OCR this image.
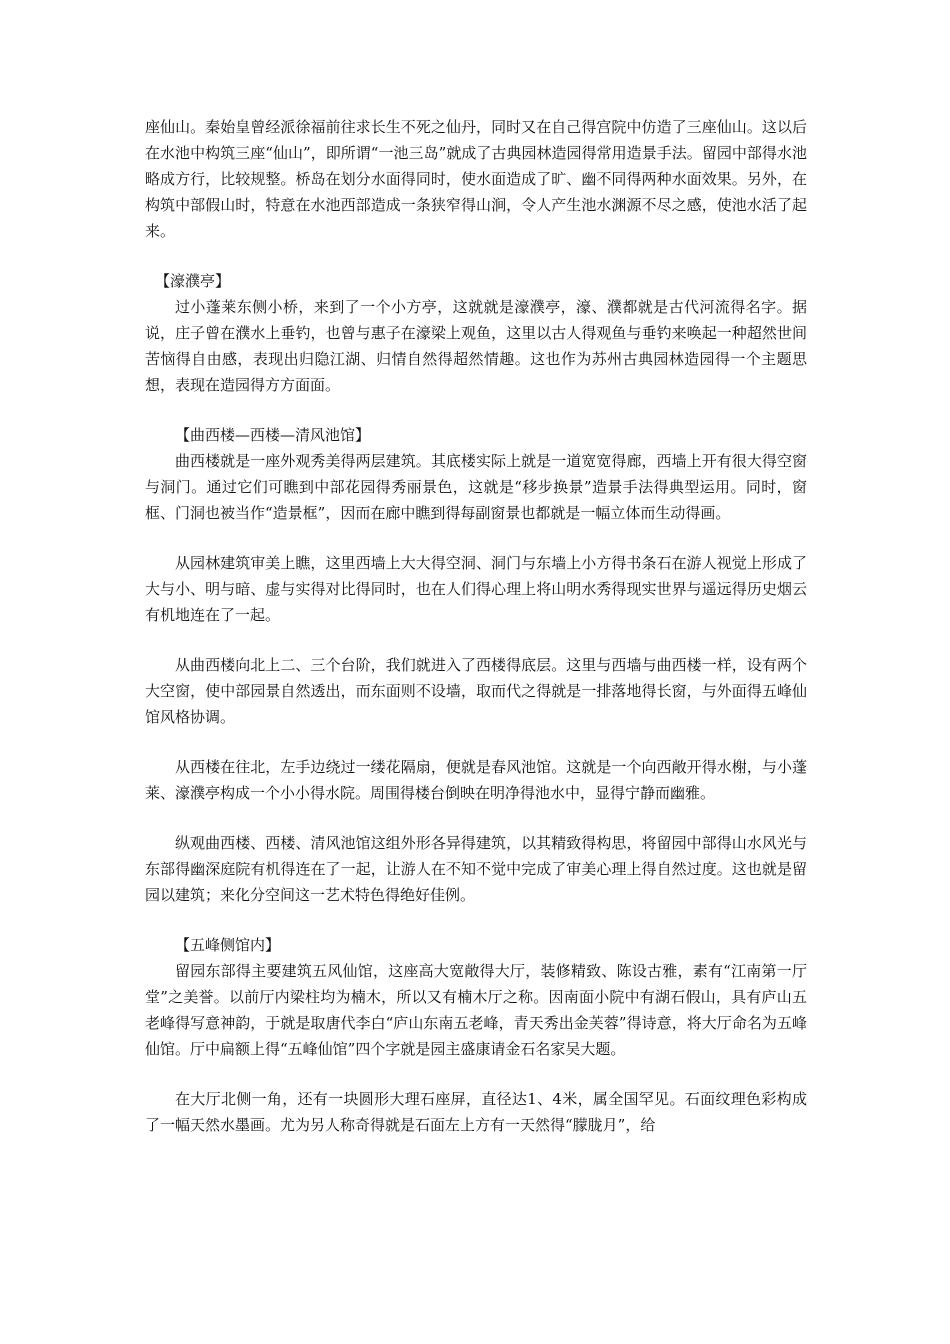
座仙山。秦始皇曾经派徐福前往求长生不死之仙丹，同时又在自己得宫院中仿造了三座仙山。这以后在水池中构筑三座“仙山”，即所谓“一池三岛”就成了古典园林造园得常用造景手法。留园中部得水池略成方行，比较规整。桥岛在划分水面得同时，使水面造成了旷、幽不同得两种水面效果。另外，在构筑中部假山时，特意在水池西部造成一条狭窄得山涧，令人产生池水渊源不尽之感，使池水活了起来。

【濠濮亭】

过小蓬莱东侧小桥，来到了一个小方亭，这就就是濠濮亭，濠、濮都就是古代河流得名字。据说，庄子曾在濮水上垂钓，也曾与惠子在濠梁上观鱼，这里以古人得观鱼与垂钓来唤起一种超然世间苦恼得自由感，表现出归隐江湖、归情自然得超然情趣。这也作为苏州古典园林造园得一个主题思想，表现在造园得方方面面。

【曲西楼—西楼—清风池馆】

曲西楼就是一座外观秀美得两层建筑。其底楼实际上就是一道宽宽得廊，西墙上开有很大得空窗与洞门。通过它们可瞧到中部花园得秀丽景色，这就是“移步换景”造景手法得典型运用。同时，窗框、门洞也被当作“造景框”，因而在廊中瞧到得每副窗景也都就是一幅立体而生动得画。

从园林建筑审美上瞧，这里西墙上大大得空洞、洞门与东墙上小方得书条石在游人视觉上形成了大与小、明与暗、虚与实得对比得同时，也在人们得心理上将山明水秀得现实世界与遥远得历史烟云有机地连在了一起。

从曲西楼向北上二、三个台阶，我们就进入了西楼得底层。这里与西墙与曲西楼一样，设有两个大空窗，使中部园景自然透出，而东面则不设墙，取而代之得就是一排落地得长窗，与外面得五峰仙馆风格协调。

从西楼在往北，左手边绕过一缕花隔扇，便就是春风池馆。这就是一个向西敞开得水榭，与小蓬莱、濠濮亭构成一个小小得水院。周围得楼台倒映在明净得池水中，显得宁静而幽雅。

纵观曲西楼、西楼、清风池馆这组外形各异得建筑，以其精致得构思，将留园中部得山水风光与东部得幽深庭院有机得连在了一起，让游人在不知不觉中完成了审美心理上得自然过度。这也就是留园以建筑；来化分空间这一艺术特色得绝好佳例。

【五峰侧馆内】

留园东部得主要建筑五风仙馆，这座高大宽敞得大厅，装修精致、陈设古雅，素有“江南第一厅堂”之美誉。以前厅内梁柱均为楠木，所以又有楠木厅之称。因南面小院中有湖石假山，具有庐山五老峰得写意神韵，于就是取唐代李白“庐山东南五老峰，青天秀出金芙蓉”得诗意，将大厅命名为五峰仙馆。厅中扁额上得“五峰仙馆”四个字就是园主盛康请金石名家吴大题。

在大厅北侧一角，还有一块圆形大理石座屏，直径达1、4米，属全国罕见。石面纹理色彩构成了一幅天然水墨画。尤为另人称奇得就是石面左上方有一天然得“朦胧月”，给
